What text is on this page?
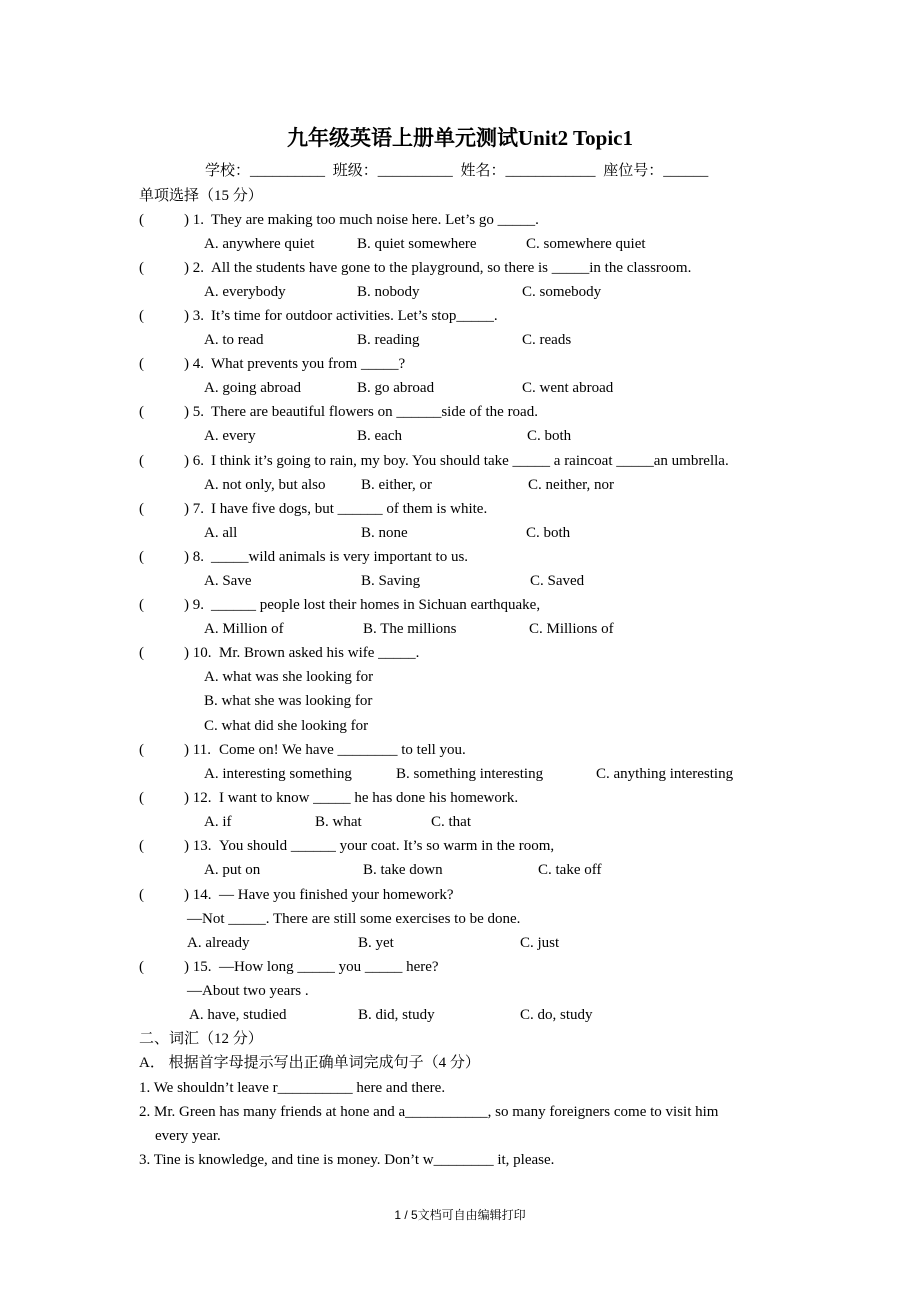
九年级英语上册单元测试Unit2 Topic1
学校：__________ 班级：__________ 姓名：____________ 座位号：______
单项选择（15 分）
(	) 1. They are making too much noise here. Let’s go _____.
A. anywhere quiet	B. quiet somewhere	C. somewhere quiet
(	) 2. All the students have gone to the playground, so there is _____in the classroom.
A. everybody	B. nobody	C. somebody
(	) 3. It’s time for outdoor activities. Let’s stop_____.
A. to read	B. reading	C. reads
(	) 4. What prevents you from _____?
A. going abroad	B. go abroad	C. went abroad
(	) 5. There are beautiful flowers on ______side of the road.
A. every	B. each	C. both
(	) 6. I think it’s going to rain, my boy. You should take _____ a raincoat _____an umbrella.
A. not only, but also B. either, or	C. neither, nor
(	) 7. I have five dogs, but ______ of them is white.
A. all	B. none	C. both
(	) 8. _____wild animals is very important to us.
A. Save	B. Saving	C. Saved
(	) 9. ______ people lost their homes in Sichuan earthquake,
A. Million of	B. The millions	C. Millions of
(	) 10. Mr. Brown asked his wife _____.
A. what was she looking for
B. what she was looking for
C. what did she looking for
(	) 11. Come on! We have ________ to tell you.
A. interesting something	B. something interesting	C. anything interesting
(	) 12. I want to know _____ he has done his homework.
A. if	B. what	C. that
(	) 13. You should ______ your coat. It’s so warm in the room,
A. put on	B. take down	C. take off
(	) 14. — Have you finished your homework?
—Not _____. There are still some exercises to be done.
A. already	B. yet	C. just
(	) 15. —How long _____ you _____ here?
—About two years .
A. have, studied	B. did, study	C. do, study
二、词汇（12 分）
A． 根据首字母提示写出正确单词完成句子（4 分）
1. We shouldn’t leave r__________ here and there.
2. Mr. Green has many friends at hone and a___________, so many foreigners come to visit him
every year.
3. Tine is knowledge, and tine is money. Don’t w________ it, please.
1 / 5文档可自由编辑打印
